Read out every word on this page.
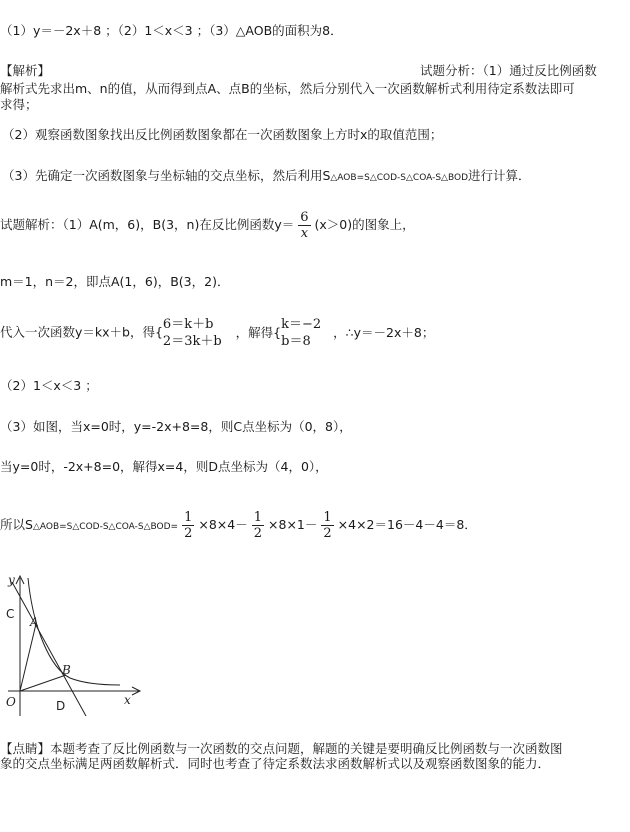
（1）y＝－2x＋8 ；（2）1＜x＜3 ；（3）△AOB的面积为8．
【解析】	试题分析：（1）通过反比例函数
解析式先求出m、n的值，从而得到点A、点B的坐标，然后分别代入一次函数解析式利用待定系数法即可
求得；
（2）观察函数图象找出反比例函数图象都在一次函数图象上方时x的取值范围；
（3）先确定一次函数图象与坐标轴的交点坐标，然后利用S△AOB=S△COD-S△COA-S△BOD进行计算．
试题解析：（1）A(m，6)，B(3，n)在反比例函数$y= \frac{6}{x} (x>0)$的图象上，
m＝1，n＝2，即点A(1，6)，B(3，2)．
代入一次函数y＝kx＋b，得{ 6＝k＋b
2＝3k＋b
，解得{ k＝−2
b＝8
，∴y＝－2x＋8；
（2）1＜x＜3 ；
（3）如图，当x=0时，y=-2x+8=8，则C点坐标为（0，8），
当y=0时，-2x+8=0，解得x=4，则D点坐标为（4，0），
所以S△AOB=S△COD-S△COA-S△BOD= $\frac{1}{2} \times 8\times 4- \frac{1}{2} \times 8\times 1- \frac{1}{2} \times 4\times 2=16-4-4=8$．
y
x
O
A
B
C
D
【点睛】本题考查了反比例函数与一次函数的交点问题，解题的关键是要明确反比例函数与一次函数图
象的交点坐标满足两函数解析式．同时也考查了待定系数法求函数解析式以及观察函数图象的能力．
